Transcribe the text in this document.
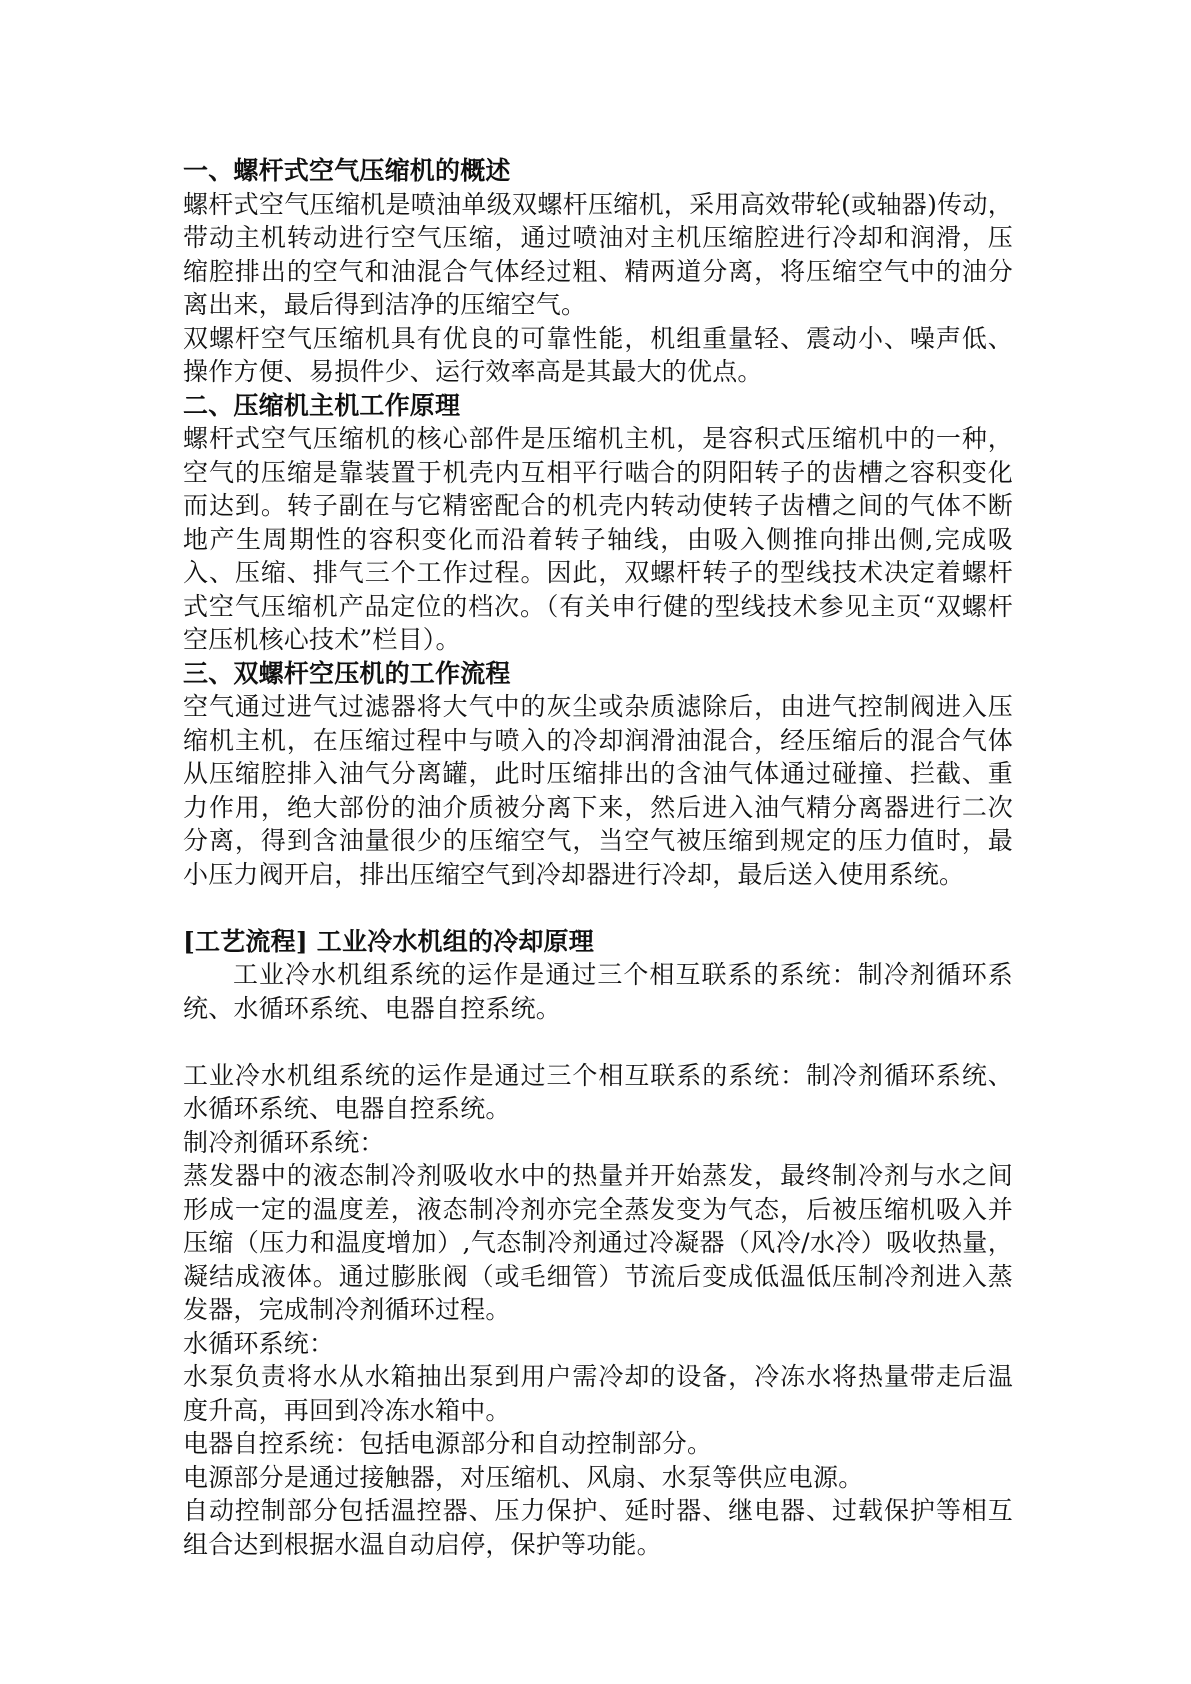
一、螺杆式空气压缩机的概述

螺杆式空气压缩机是喷油单级双螺杆压缩机，采用高效带轮(或轴器)传动，带动主机转动进行空气压缩，通过喷油对主机压缩腔进行冷却和润滑，压缩腔排出的空气和油混合气体经过粗、精两道分离，将压缩空气中的油分离出来，最后得到洁净的压缩空气。

双螺杆空气压缩机具有优良的可靠性能，机组重量轻、震动小、噪声低、操作方便、易损件少、运行效率高是其最大的优点。

二、压缩机主机工作原理

螺杆式空气压缩机的核心部件是压缩机主机，是容积式压缩机中的一种，空气的压缩是靠装置于机壳内互相平行啮合的阴阳转子的齿槽之容积变化而达到。转子副在与它精密配合的机壳内转动使转子齿槽之间的气体不断地产生周期性的容积变化而沿着转子轴线，由吸入侧推向排出侧,完成吸入、压缩、排气三个工作过程。因此，双螺杆转子的型线技术决定着螺杆式空气压缩机产品定位的档次。（有关申行健的型线技术参见主页“双螺杆空压机核心技术”栏目）。

三、双螺杆空压机的工作流程

空气通过进气过滤器将大气中的灰尘或杂质滤除后，由进气控制阀进入压缩机主机，在压缩过程中与喷入的冷却润滑油混合，经压缩后的混合气体从压缩腔排入油气分离罐，此时压缩排出的含油气体通过碰撞、拦截、重力作用，绝大部份的油介质被分离下来，然后进入油气精分离器进行二次分离，得到含油量很少的压缩空气，当空气被压缩到规定的压力值时，最小压力阀开启，排出压缩空气到冷却器进行冷却，最后送入使用系统。

[工艺流程] 工业冷水机组的冷却原理

工业冷水机组系统的运作是通过三个相互联系的系统：制冷剂循环系统、水循环系统、电器自控系统。

工业冷水机组系统的运作是通过三个相互联系的系统：制冷剂循环系统、水循环系统、电器自控系统。

制冷剂循环系统：

蒸发器中的液态制冷剂吸收水中的热量并开始蒸发，最终制冷剂与水之间形成一定的温度差，液态制冷剂亦完全蒸发变为气态，后被压缩机吸入并压缩（压力和温度增加）,气态制冷剂通过冷凝器（风冷/水冷）吸收热量，凝结成液体。通过膨胀阀（或毛细管）节流后变成低温低压制冷剂进入蒸发器，完成制冷剂循环过程。

水循环系统：

水泵负责将水从水箱抽出泵到用户需冷却的设备，冷冻水将热量带走后温度升高，再回到冷冻水箱中。

电器自控系统：包括电源部分和自动控制部分。

电源部分是通过接触器，对压缩机、风扇、水泵等供应电源。

自动控制部分包括温控器、压力保护、延时器、继电器、过载保护等相互组合达到根据水温自动启停，保护等功能。
